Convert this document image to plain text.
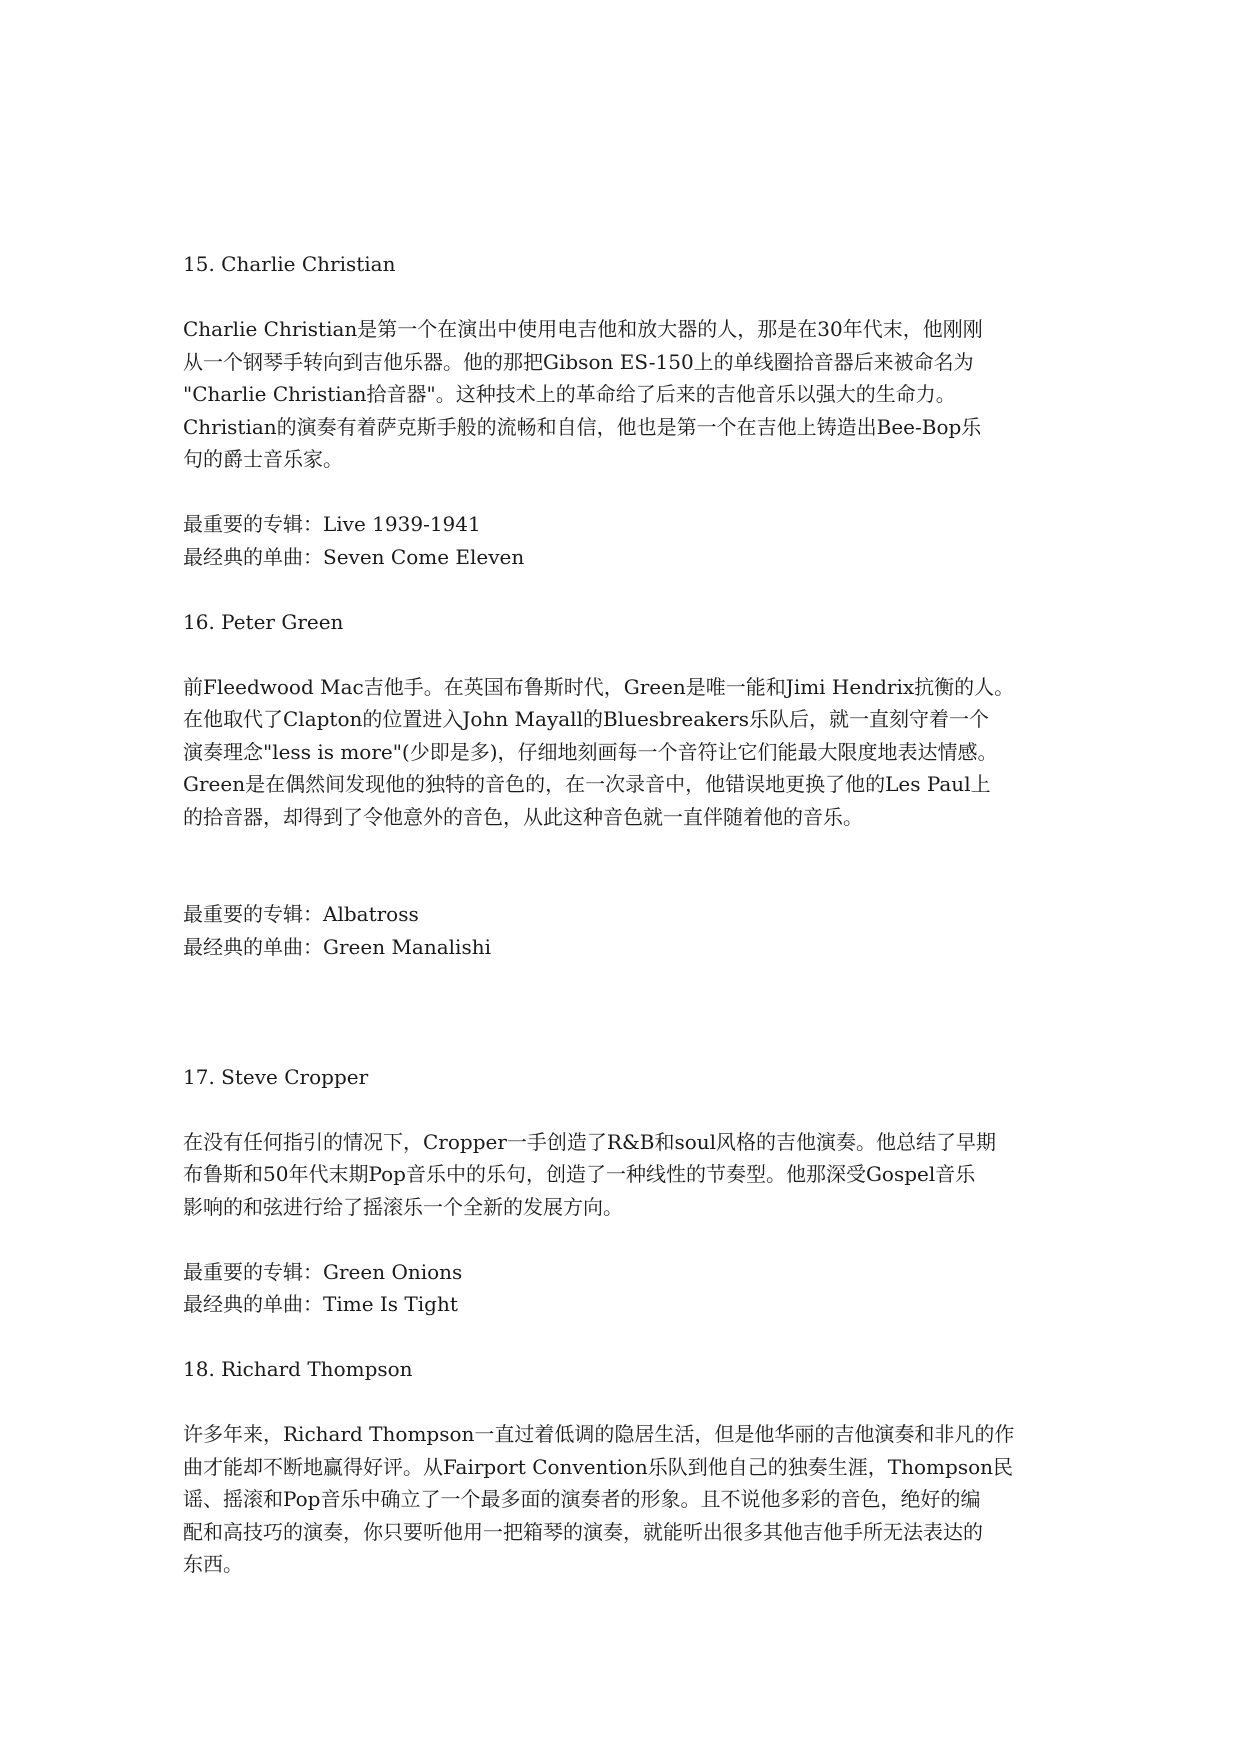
15. Charlie Christian

Charlie Christian是第一个在演出中使用电吉他和放大器的人，那是在30年代末，他刚刚

从一个钢琴手转向到吉他乐器。他的那把Gibson ES-150上的单线圈拾音器后来被命名为

"Charlie Christian拾音器"。这种技术上的革命给了后来的吉他音乐以强大的生命力。

Christian的演奏有着萨克斯手般的流畅和自信，他也是第一个在吉他上铸造出Bee-Bop乐

句的爵士音乐家。

最重要的专辑：Live 1939-1941

最经典的单曲：Seven Come Eleven

16. Peter Green

前Fleedwood Mac吉他手。在英国布鲁斯时代，Green是唯一能和Jimi Hendrix抗衡的人。

在他取代了Clapton的位置进入John Mayall的Bluesbreakers乐队后，就一直刻守着一个

演奏理念"less is more"(少即是多)，仔细地刻画每一个音符让它们能最大限度地表达情感。

Green是在偶然间发现他的独特的音色的，在一次录音中，他错误地更换了他的Les Paul上

的拾音器，却得到了令他意外的音色，从此这种音色就一直伴随着他的音乐。

最重要的专辑：Albatross

最经典的单曲：Green Manalishi

17. Steve Cropper

在没有任何指引的情况下，Cropper一手创造了R&B和soul风格的吉他演奏。他总结了早期

布鲁斯和50年代末期Pop音乐中的乐句，创造了一种线性的节奏型。他那深受Gospel音乐

影响的和弦进行给了摇滚乐一个全新的发展方向。

最重要的专辑：Green Onions

最经典的单曲：Time Is Tight

18. Richard Thompson

许多年来，Richard Thompson一直过着低调的隐居生活，但是他华丽的吉他演奏和非凡的作

曲才能却不断地赢得好评。从Fairport Convention乐队到他自己的独奏生涯，Thompson民

谣、摇滚和Pop音乐中确立了一个最多面的演奏者的形象。且不说他多彩的音色，绝好的编

配和高技巧的演奏，你只要听他用一把箱琴的演奏，就能听出很多其他吉他手所无法表达的

东西。
